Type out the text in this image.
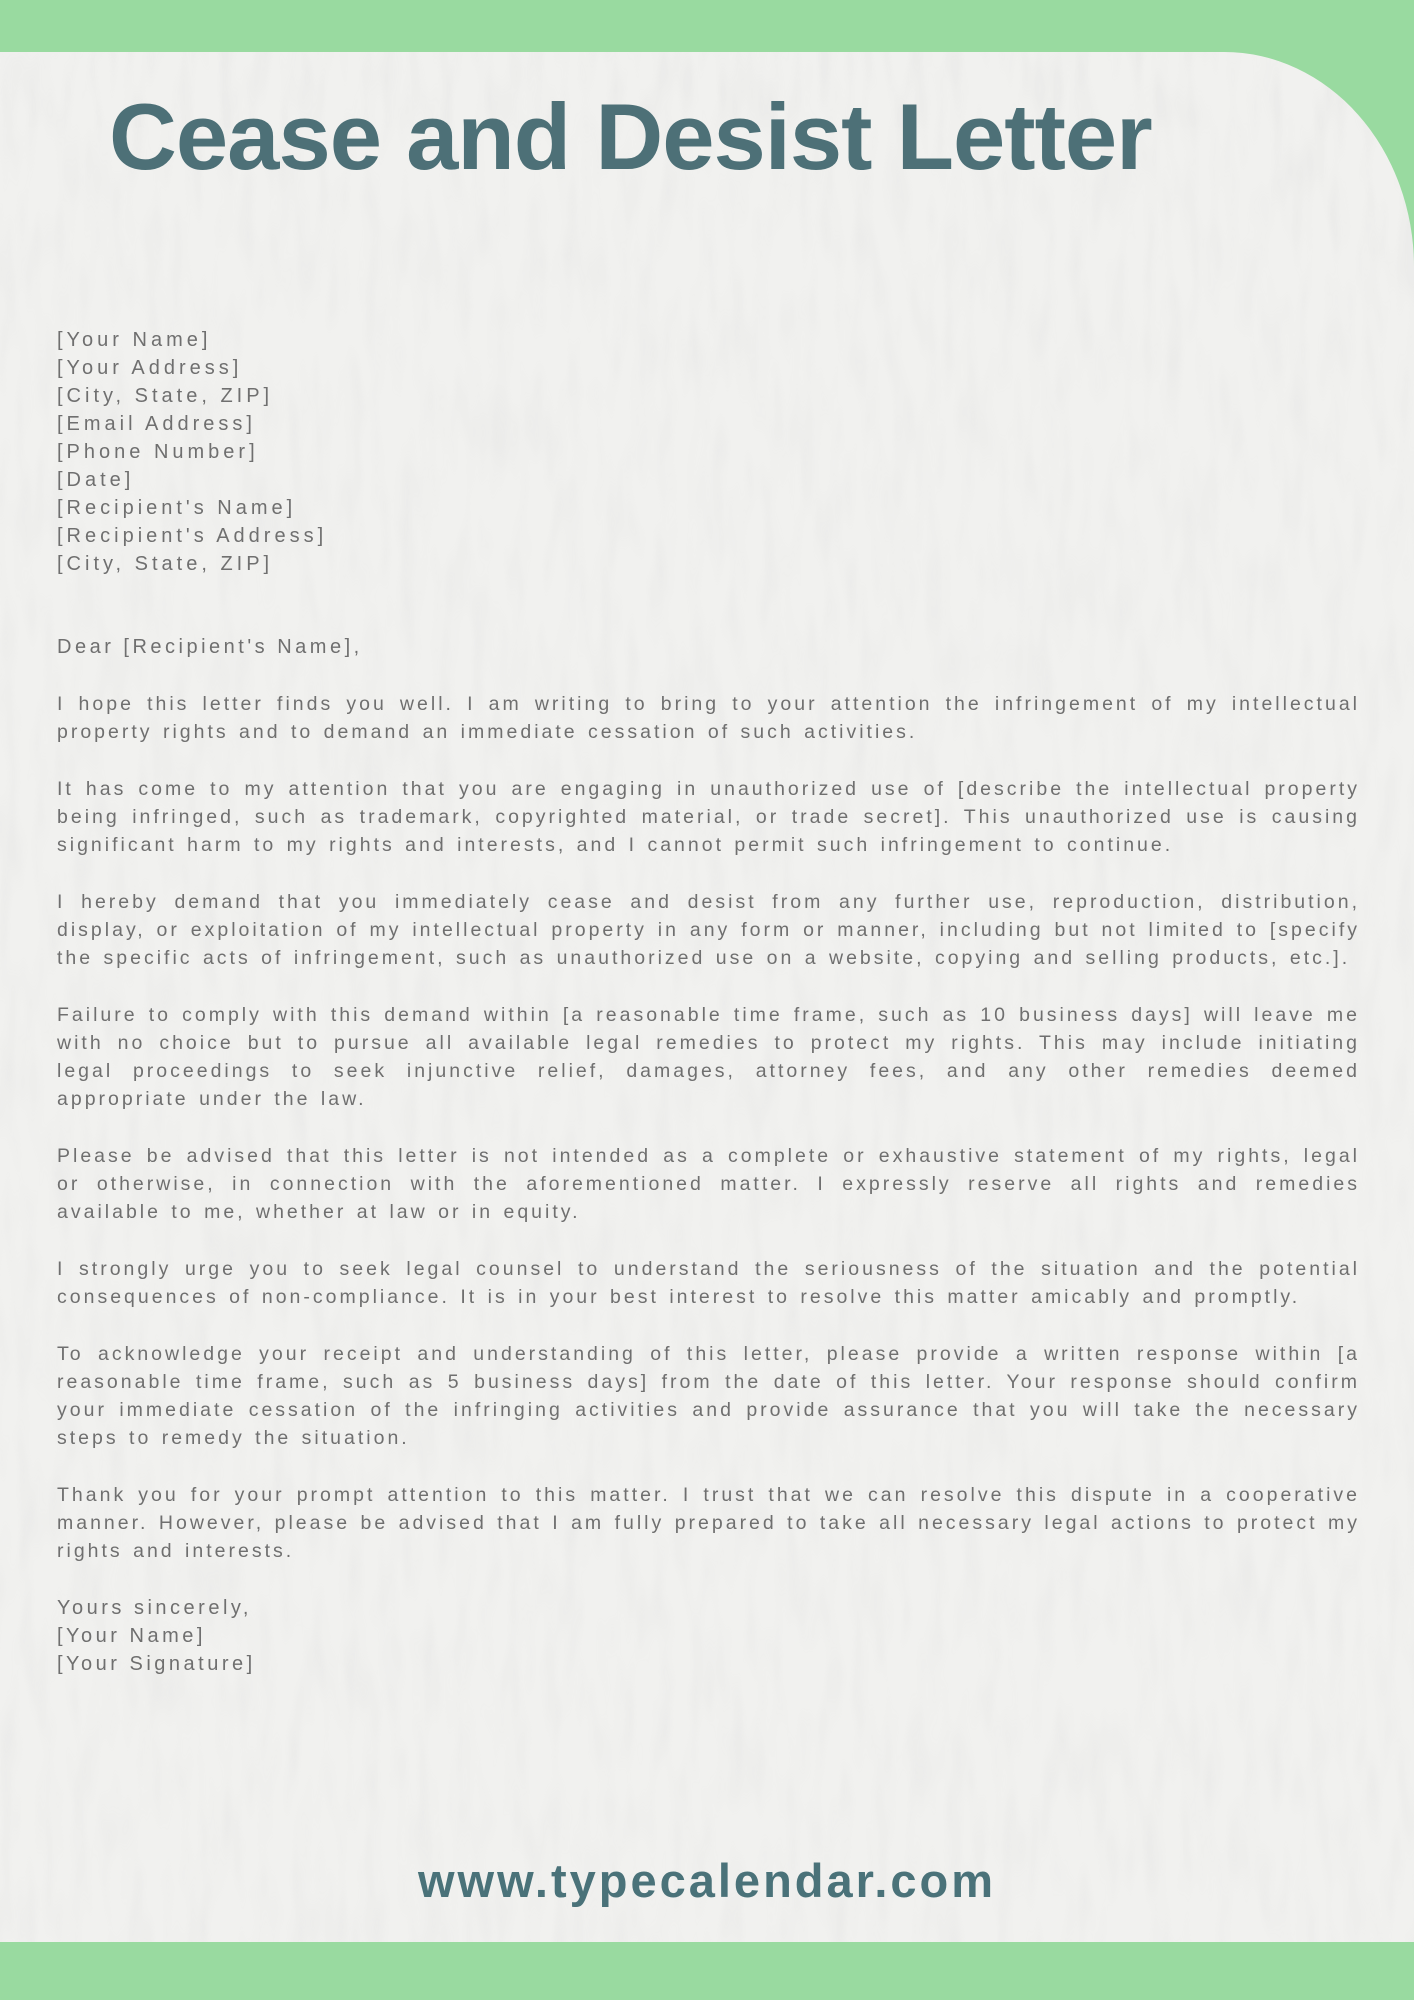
Cease and Desist Letter
[Your Name]
[Your Address]
[City, State, ZIP]
[Email Address]
[Phone Number]
[Date]
[Recipient's Name]
[Recipient's Address]
[City, State, ZIP]

Dear [Recipient's Name],

I hope this letter finds you well. I am writing to bring to your attention the infringement of my intellectual property rights and to demand an immediate cessation of such activities.

It has come to my attention that you are engaging in unauthorized use of [describe the intellectual property being infringed, such as trademark, copyrighted material, or trade secret]. This unauthorized use is causing significant harm to my rights and interests, and I cannot permit such infringement to continue.

I hereby demand that you immediately cease and desist from any further use, reproduction, distribution, display, or exploitation of my intellectual property in any form or manner, including but not limited to [specify the specific acts of infringement, such as unauthorized use on a website, copying and selling products, etc.].

Failure to comply with this demand within [a reasonable time frame, such as 10 business days] will leave me with no choice but to pursue all available legal remedies to protect my rights. This may include initiating legal proceedings to seek injunctive relief, damages, attorney fees, and any other remedies deemed appropriate under the law.

Please be advised that this letter is not intended as a complete or exhaustive statement of my rights, legal or otherwise, in connection with the aforementioned matter. I expressly reserve all rights and remedies available to me, whether at law or in equity.

I strongly urge you to seek legal counsel to understand the seriousness of the situation and the potential consequences of non-compliance. It is in your best interest to resolve this matter amicably and promptly.

To acknowledge your receipt and understanding of this letter, please provide a written response within [a reasonable time frame, such as 5 business days] from the date of this letter. Your response should confirm your immediate cessation of the infringing activities and provide assurance that you will take the necessary steps to remedy the situation.

Thank you for your prompt attention to this matter. I trust that we can resolve this dispute in a cooperative manner. However, please be advised that I am fully prepared to take all necessary legal actions to protect my rights and interests.

Yours sincerely,
[Your Name]
[Your Signature]
www.typecalendar.com
